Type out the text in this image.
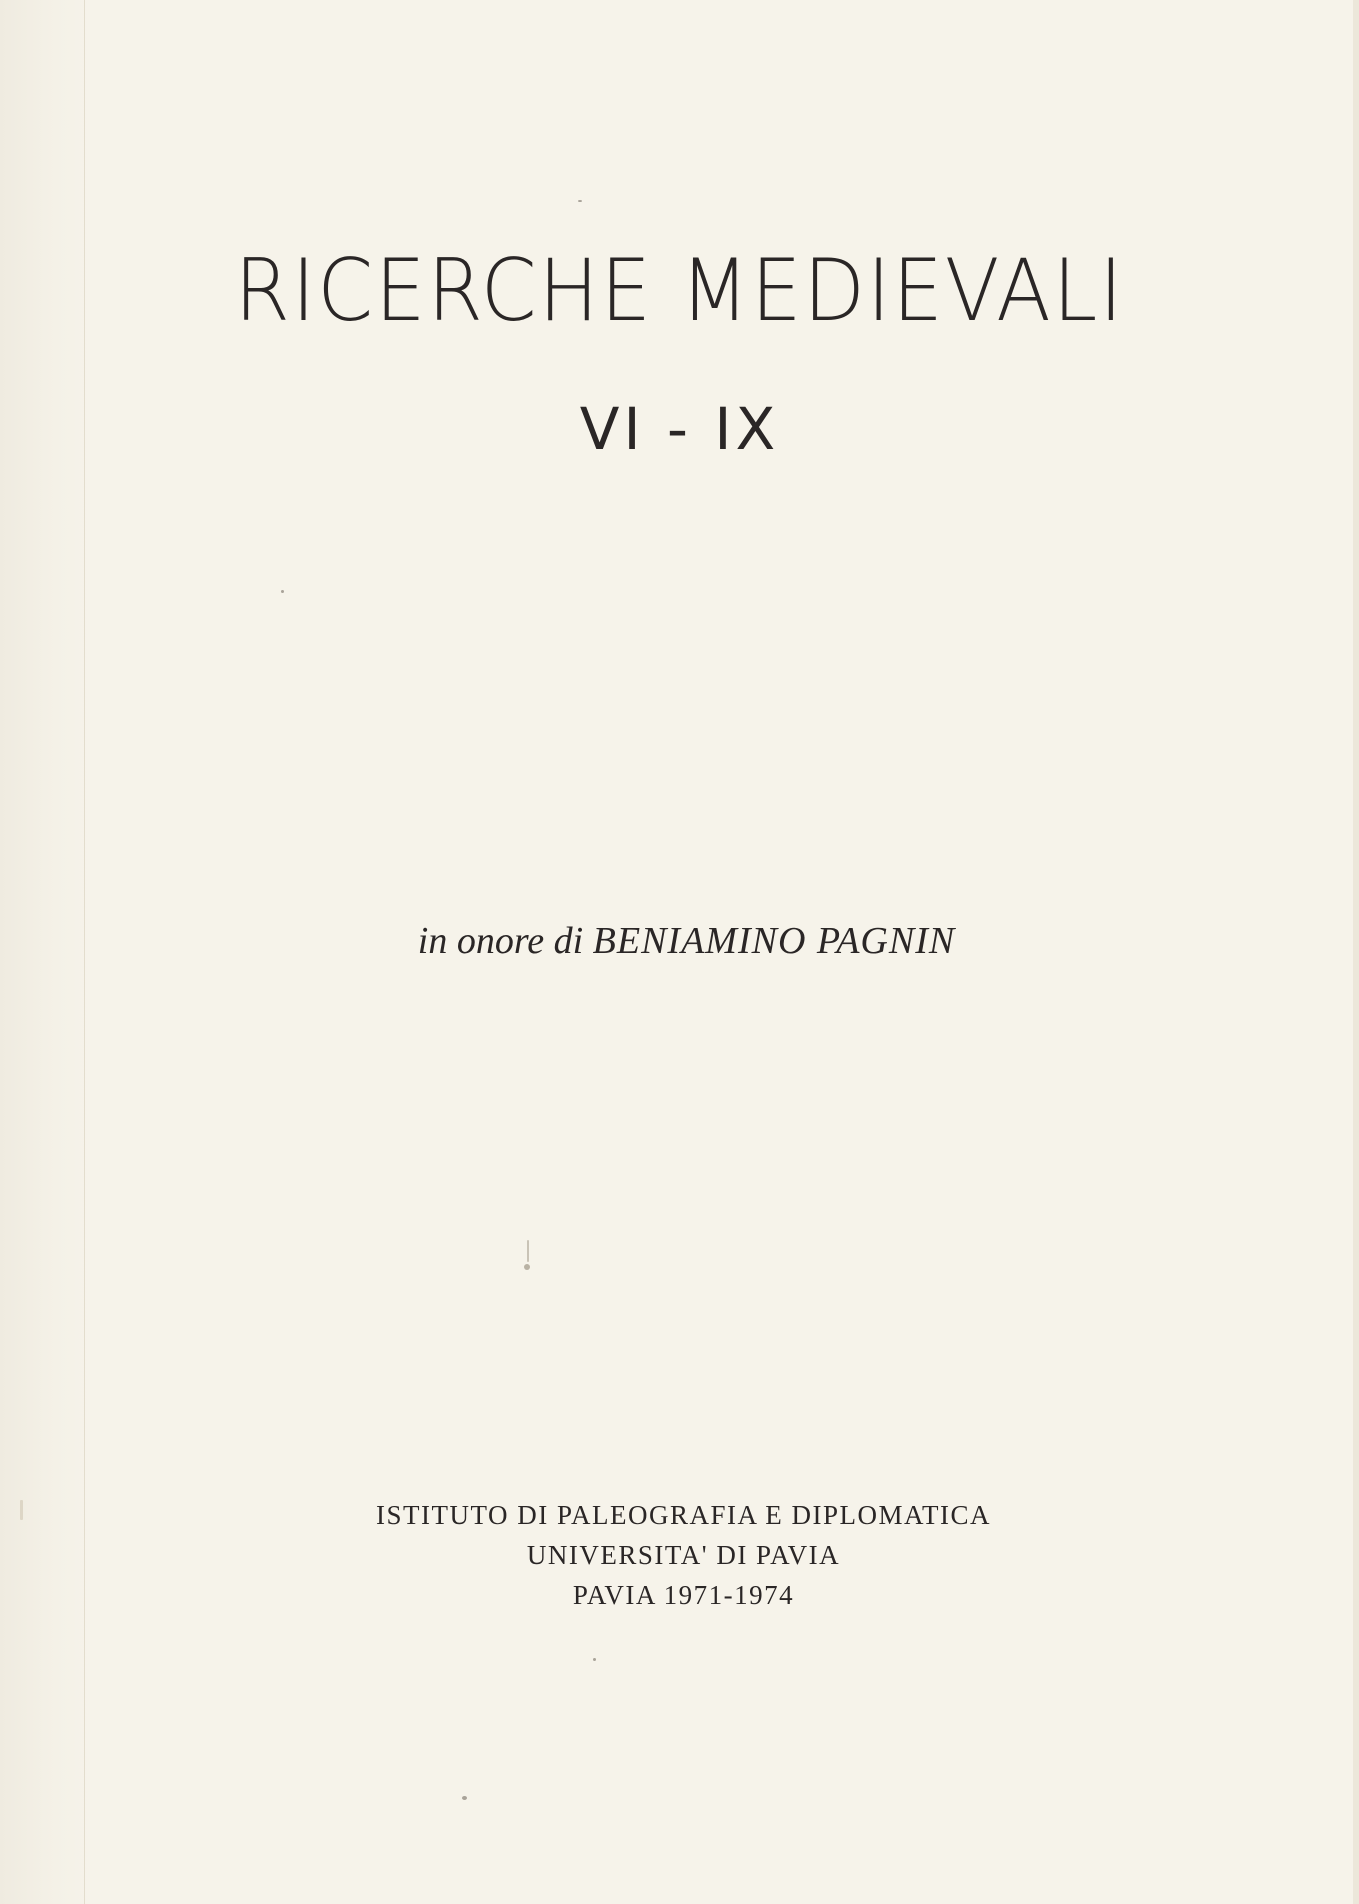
RICERCHE MEDIEVALI
VI - IX
in onore di BENIAMINO PAGNIN
ISTITUTO DI PALEOGRAFIA E DIPLOMATICA
UNIVERSITA' DI PAVIA
PAVIA 1971-1974
